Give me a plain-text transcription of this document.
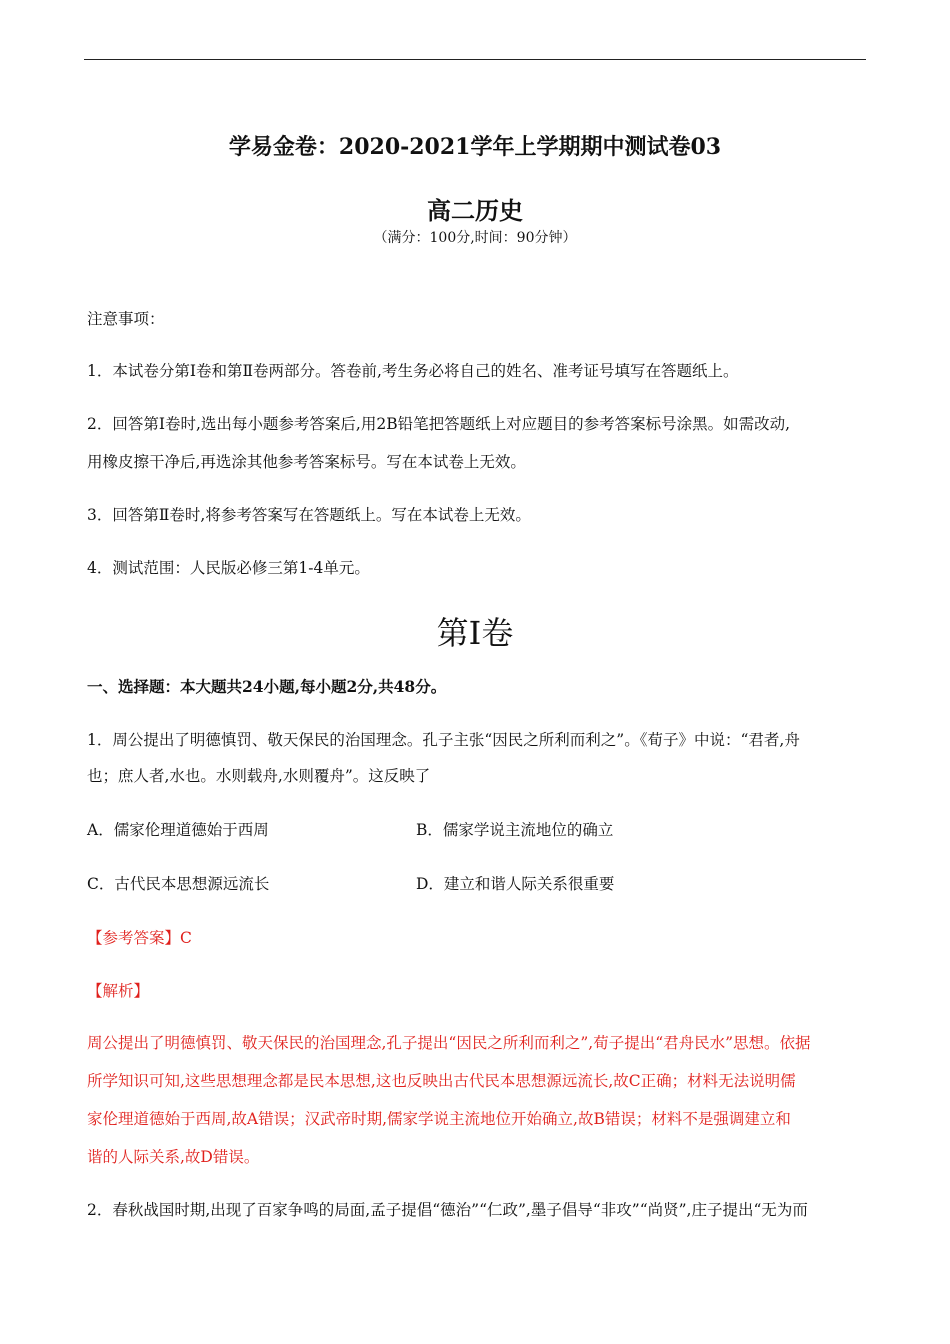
学易金卷：2020-2021学年上学期期中测试卷03
高二历史
（满分：100分,时间：90分钟）
注意事项：
1．本试卷分第Ⅰ卷和第Ⅱ卷两部分。答卷前,考生务必将自己的姓名、准考证号填写在答题纸上。
2．回答第Ⅰ卷时,选出每小题参考答案后,用2B铅笔把答题纸上对应题目的参考答案标号涂黑。如需改动,
用橡皮擦干净后,再选涂其他参考答案标号。写在本试卷上无效。
3．回答第Ⅱ卷时,将参考答案写在答题纸上。写在本试卷上无效。
4．测试范围：人民版必修三第1-4单元。
第Ⅰ卷
一、选择题：本大题共24小题,每小题2分,共48分。
1．周公提出了明德慎罚、敬天保民的治国理念。孔子主张“因民之所利而利之”。《荀子》中说：“君者,舟
也；庶人者,水也。水则载舟,水则覆舟”。这反映了
A．儒家伦理道德始于西周	B．儒家学说主流地位的确立
C．古代民本思想源远流长	D．建立和谐人际关系很重要
【参考答案】C
【解析】
周公提出了明德慎罚、敬天保民的治国理念,孔子提出“因民之所利而利之”,荀子提出“君舟民水”思想。依据
所学知识可知,这些思想理念都是民本思想,这也反映出古代民本思想源远流长,故C正确；材料无法说明儒
家伦理道德始于西周,故A错误；汉武帝时期,儒家学说主流地位开始确立,故B错误；材料不是强调建立和
谐的人际关系,故D错误。
2．春秋战国时期,出现了百家争鸣的局面,孟子提倡“德治”“仁政”,墨子倡导“非攻”“尚贤”,庄子提出“无为而
